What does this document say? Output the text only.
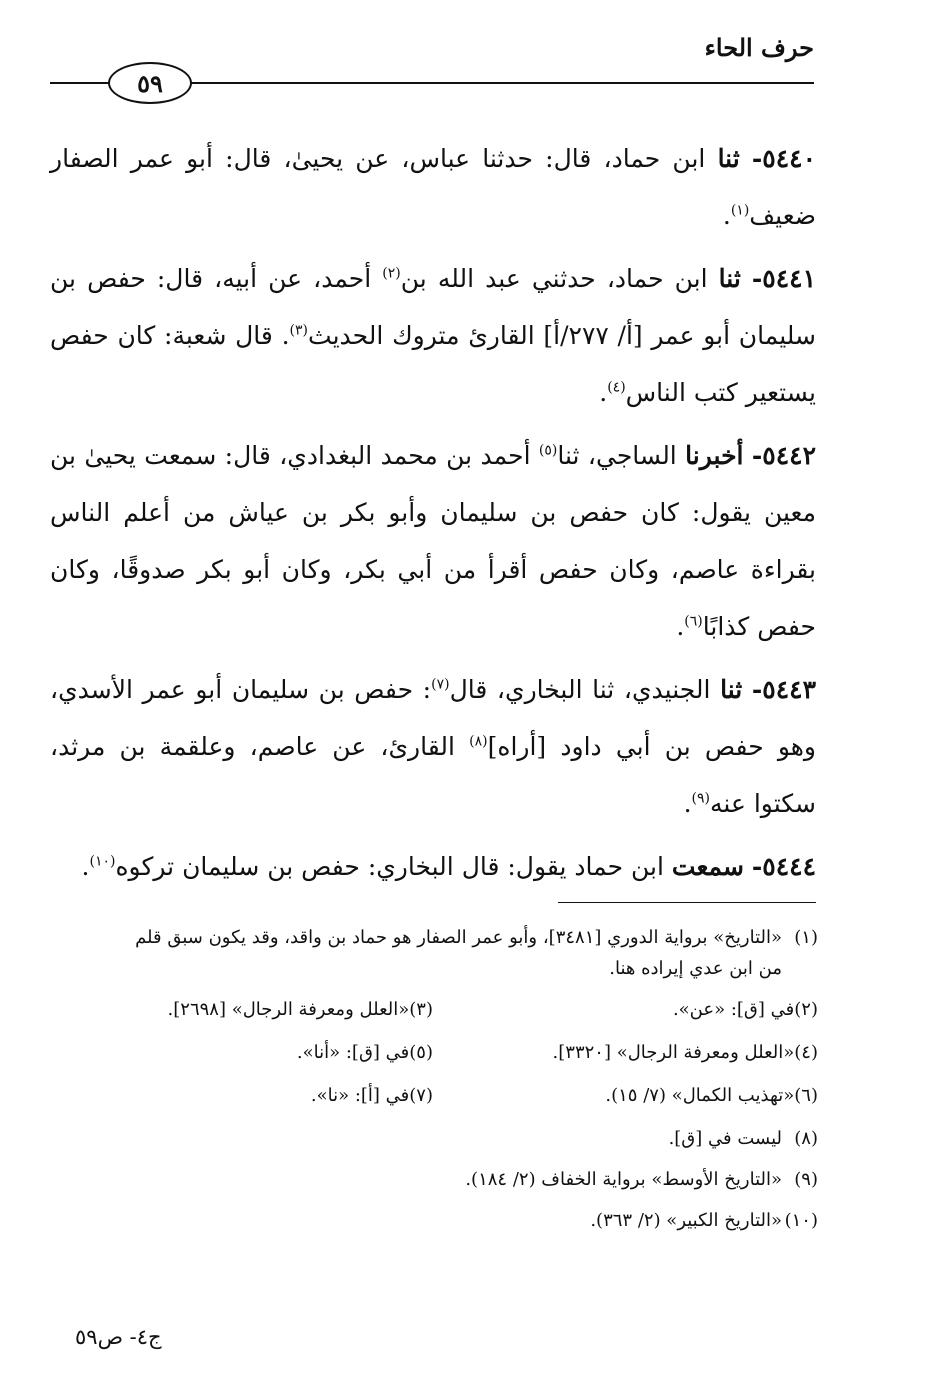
حرف الحاء
٥٩

٥٤٤٠- ثنا ابن حماد، قال: حدثنا عباس، عن يحيىٰ، قال: أبو عمر الصفار ضعيف$^{(١)}$.

٥٤٤١- ثنا ابن حماد، حدثني عبد الله بن$^{(٢)}$ أحمد، عن أبيه، قال: حفص بن سليمان أبو عمر [أ/ ٢٧٧/أ] القارئ متروك الحديث$^{(٣)}$. قال شعبة: كان حفص يستعير كتب الناس$^{(٤)}$.

٥٤٤٢- أخبرنا الساجي، ثنا$^{(٥)}$ أحمد بن محمد البغدادي، قال: سمعت يحيىٰ بن معين يقول: كان حفص بن سليمان وأبو بكر بن عياش من أعلم الناس بقراءة عاصم، وكان حفص أقرأ من أبي بكر، وكان أبو بكر صدوقًا، وكان حفص كذابًا$^{(٦)}$.

٥٤٤٣- ثنا الجنيدي، ثنا البخاري، قال$^{(٧)}$: حفص بن سليمان أبو عمر الأسدي، وهو حفص بن أبي داود [أراه]$^{(٨)}$ القارئ، عن عاصم، وعلقمة بن مرثد، سكتوا عنه$^{(٩)}$.

٥٤٤٤- سمعت ابن حماد يقول: قال البخاري: حفص بن سليمان تركوه$^{(١٠)}$.

(١)«التاريخ» برواية الدوري [٣٤٨١]، وأبو عمر الصفار هو حماد بن واقد، وقد يكون سبق قلم
من ابن عدي إيراده هنا.
(٢)في [ق]: «عن».
(٣)«العلل ومعرفة الرجال» [٢٦٩٨].
(٤)«العلل ومعرفة الرجال» [٣٣٢٠].
(٥)في [ق]: «أنا».
(٦)«تهذيب الكمال» (٧/ ١٥).
(٧)في [أ]: «نا».
(٨)ليست في [ق].
(٩)«التاريخ الأوسط» برواية الخفاف (٢/ ١٨٤).
(١٠)«التاريخ الكبير» (٢/ ٣٦٣).
ج٤- ص٥٩
